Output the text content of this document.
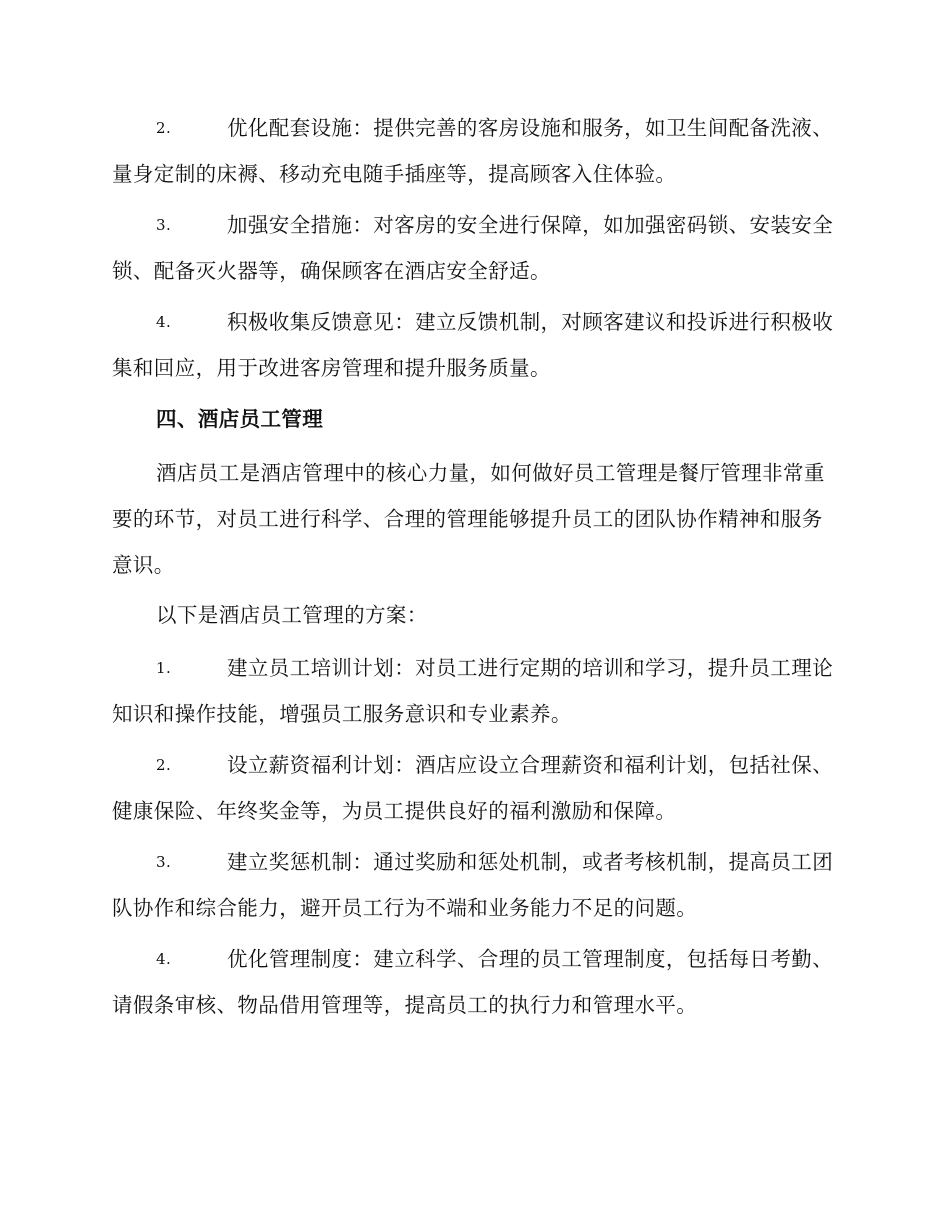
2.	优化配套设施：提供完善的客房设施和服务，如卫生间配备洗液、量身定制的床褥、移动充电随手插座等，提高顾客入住体验。
3.	加强安全措施：对客房的安全进行保障，如加强密码锁、安装安全锁、配备灭火器等，确保顾客在酒店安全舒适。
4.	积极收集反馈意见：建立反馈机制，对顾客建议和投诉进行积极收集和回应，用于改进客房管理和提升服务质量。
四、酒店员工管理
酒店员工是酒店管理中的核心力量，如何做好员工管理是餐厅管理非常重要的环节，对员工进行科学、合理的管理能够提升员工的团队协作精神和服务意识。
以下是酒店员工管理的方案：
1.	建立员工培训计划：对员工进行定期的培训和学习，提升员工理论知识和操作技能，增强员工服务意识和专业素养。
2.	设立薪资福利计划：酒店应设立合理薪资和福利计划，包括社保、健康保险、年终奖金等，为员工提供良好的福利激励和保障。
3.	建立奖惩机制：通过奖励和惩处机制，或者考核机制，提高员工团队协作和综合能力，避开员工行为不端和业务能力不足的问题。
4.	优化管理制度：建立科学、合理的员工管理制度，包括每日考勤、请假条审核、物品借用管理等，提高员工的执行力和管理水平。
